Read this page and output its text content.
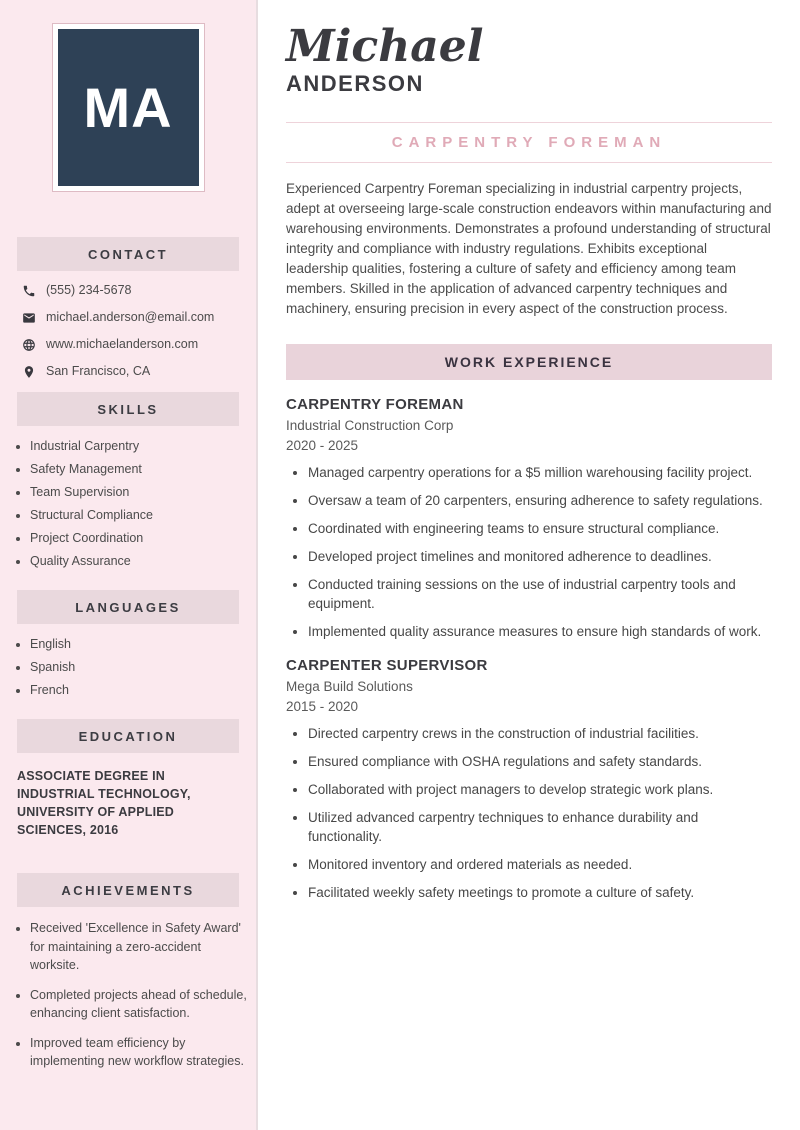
MA
CONTACT
(555) 234-5678
michael.anderson@email.com
www.michaelanderson.com
San Francisco, CA
SKILLS
• Industrial Carpentry
• Safety Management
• Team Supervision
• Structural Compliance
• Project Coordination
• Quality Assurance
LANGUAGES
• English
• Spanish
• French
EDUCATION

ASSOCIATE DEGREE IN INDUSTRIAL TECHNOLOGY, UNIVERSITY OF APPLIED SCIENCES, 2016

ACHIEVEMENTS
• Received 'Excellence in Safety Award' for maintaining a zero-accident worksite.
• Completed projects ahead of schedule, enhancing client satisfaction.
• Improved team efficiency by implementing new workflow strategies.
Michael
ANDERSON
CARPENTRY FOREMAN

Experienced Carpentry Foreman specializing in industrial carpentry projects, adept at overseeing large-scale construction endeavors within manufacturing and warehousing environments. Demonstrates a profound understanding of structural integrity and compliance with industry regulations. Exhibits exceptional leadership qualities, fostering a culture of safety and efficiency among team members. Skilled in the application of advanced carpentry techniques and machinery, ensuring precision in every aspect of the construction process.

WORK EXPERIENCE
CARPENTRY FOREMAN
Industrial Construction Corp
2020 - 2025
• Managed carpentry operations for a $5 million warehousing facility project.
• Oversaw a team of 20 carpenters, ensuring adherence to safety regulations.
• Coordinated with engineering teams to ensure structural compliance.
• Developed project timelines and monitored adherence to deadlines.
• Conducted training sessions on the use of industrial carpentry tools and equipment.
• Implemented quality assurance measures to ensure high standards of work.
CARPENTER SUPERVISOR
Mega Build Solutions
2015 - 2020
• Directed carpentry crews in the construction of industrial facilities.
• Ensured compliance with OSHA regulations and safety standards.
• Collaborated with project managers to develop strategic work plans.
• Utilized advanced carpentry techniques to enhance durability and functionality.
• Monitored inventory and ordered materials as needed.
• Facilitated weekly safety meetings to promote a culture of safety.
